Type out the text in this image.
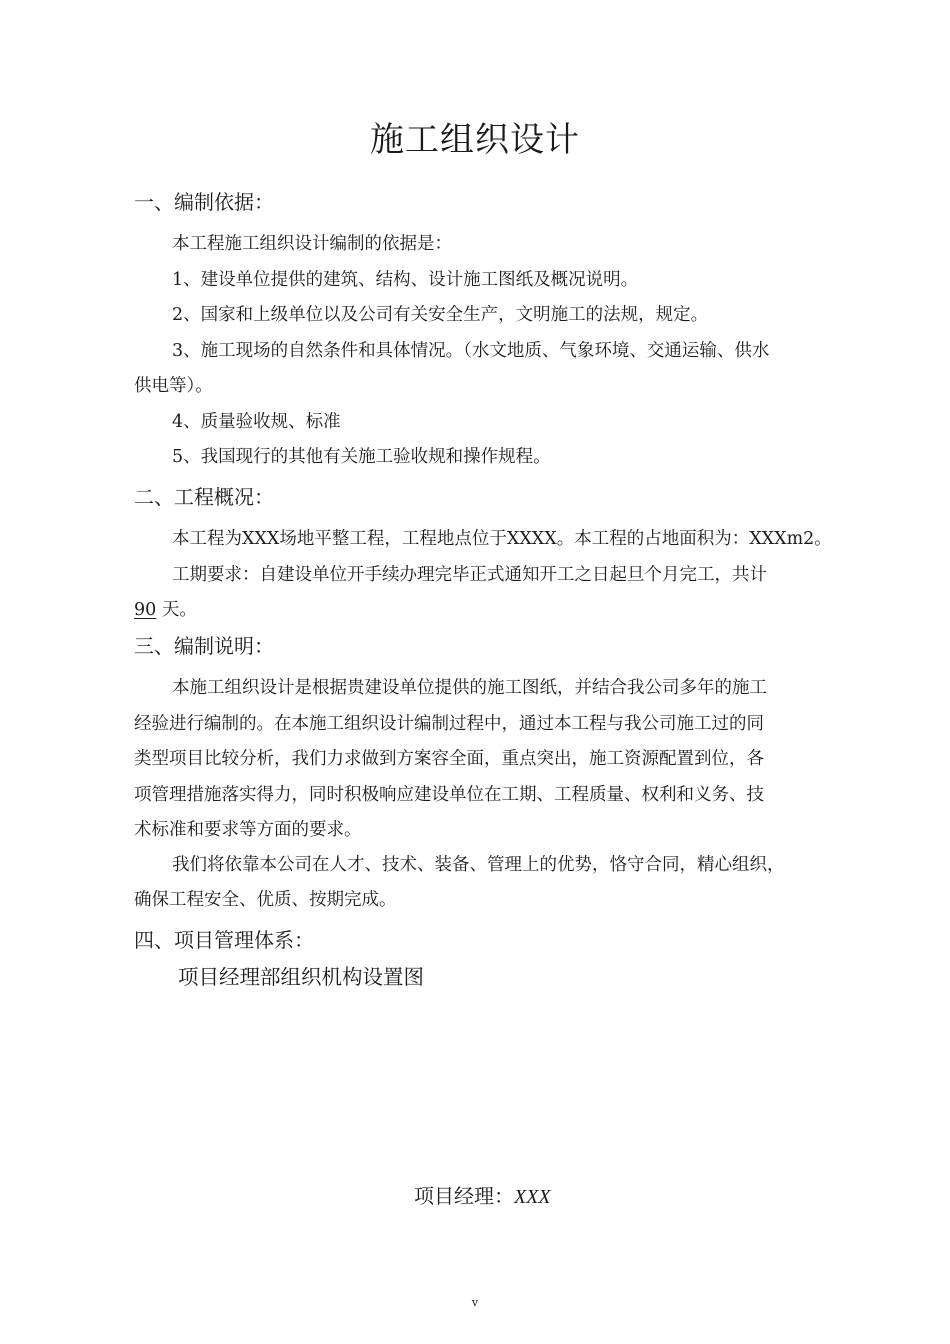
施工组织设计
一、编制依据：
本工程施工组织设计编制的依据是：
1、建设单位提供的建筑、结构、设计施工图纸及概况说明。
2、国家和上级单位以及公司有关安全生产，文明施工的法规，规定。
3、施工现场的自然条件和具体情况。（水文地质、气象环境、交通运输、供水
供电等）。
4、质量验收规、标准
5、我国现行的其他有关施工验收规和操作规程。
二、工程概况：
本工程为XXX场地平整工程，工程地点位于XXXX。本工程的占地面积为：XXXm2。
工期要求：自建设单位开手续办理完毕正式通知开工之日起旦个月完工，共计
90 天。
三、编制说明：
本施工组织设计是根据贵建设单位提供的施工图纸，并结合我公司多年的施工
经验进行编制的。在本施工组织设计编制过程中，通过本工程与我公司施工过的同
类型项目比较分析，我们力求做到方案容全面，重点突出，施工资源配置到位，各
项管理措施落实得力，同时积极响应建设单位在工期、工程质量、权利和义务、技
术标准和要求等方面的要求。
我们将依靠本公司在人才、技术、装备、管理上的优势，恪守合同，精心组织，
确保工程安全、优质、按期完成。
四、项目管理体系：
项目经理部组织机构设置图
项目经理：XXX
v
